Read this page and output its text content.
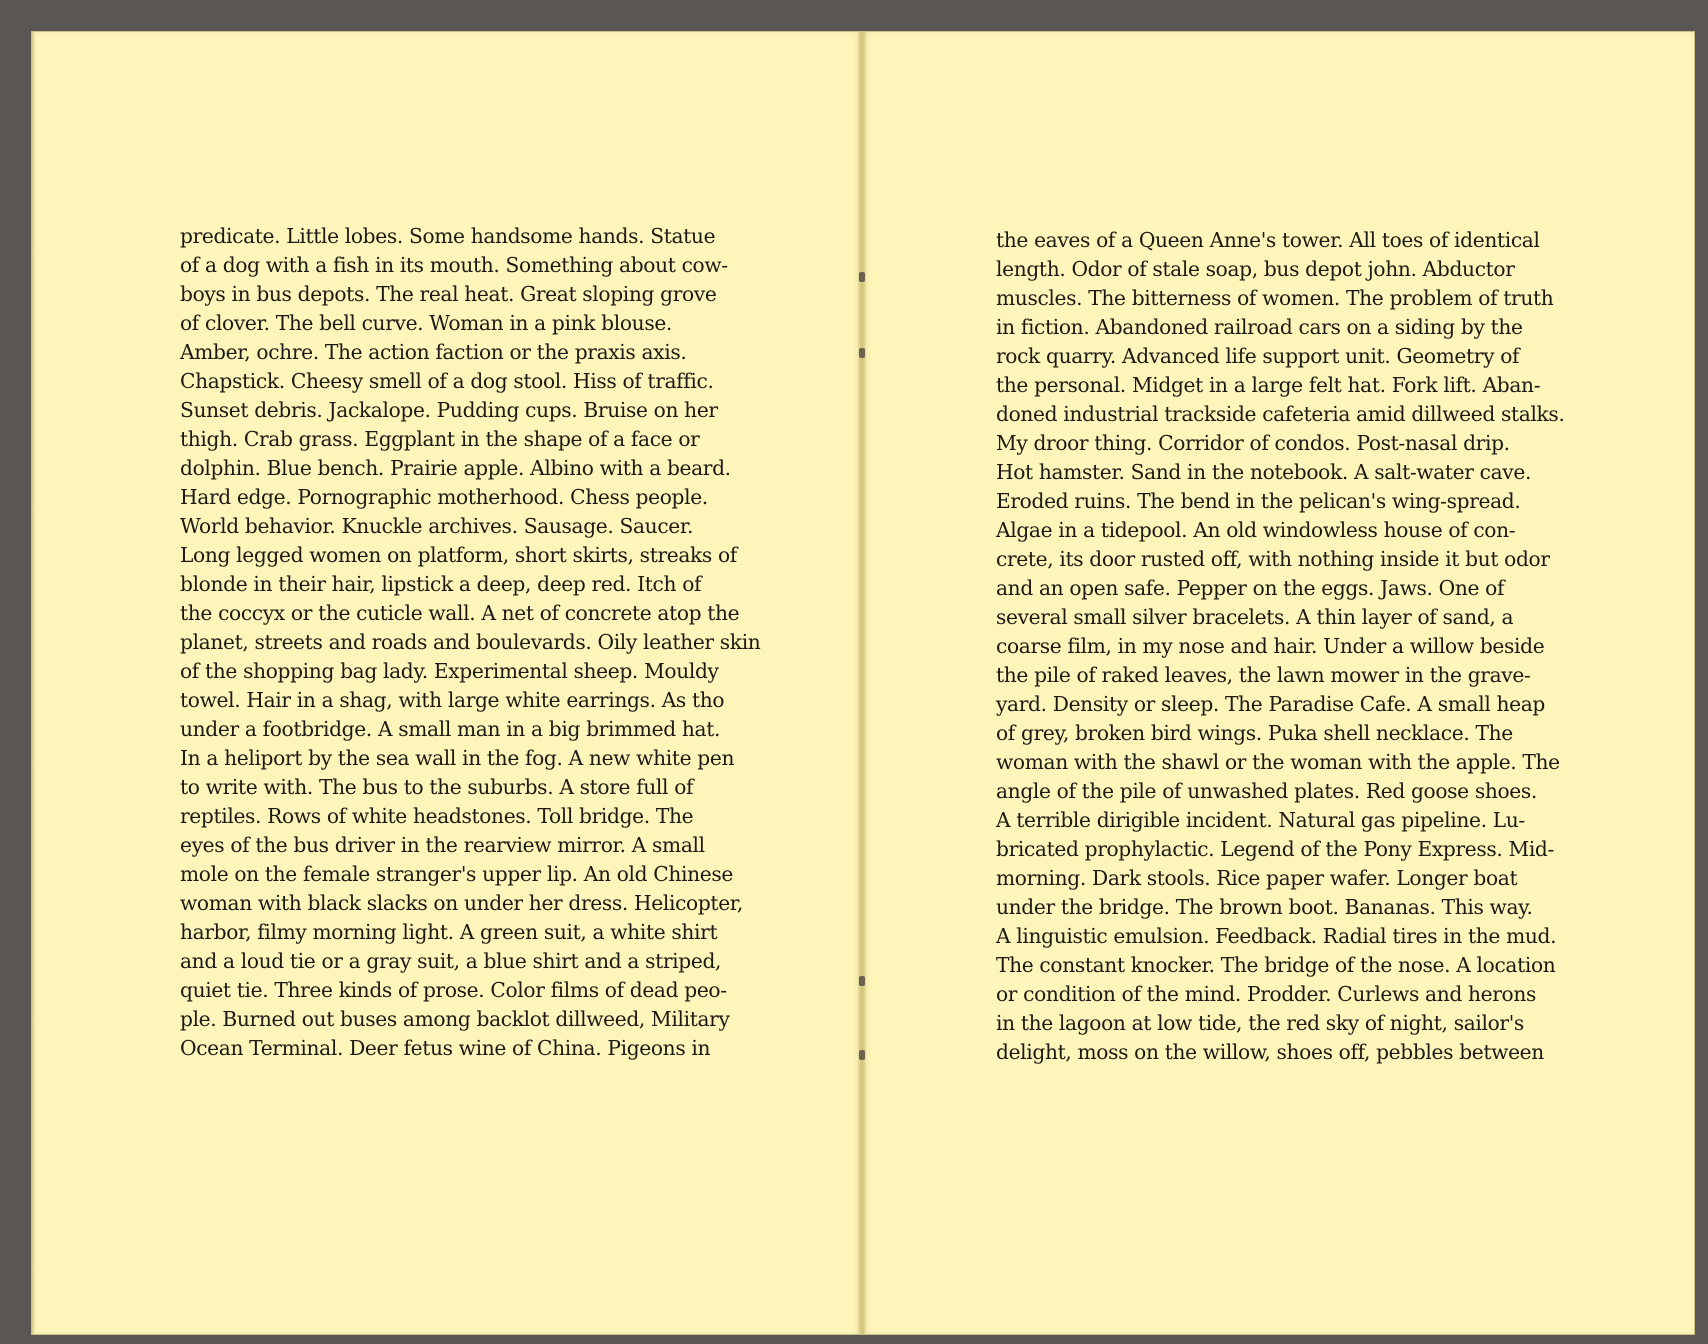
predicate. Little lobes. Some handsome hands. Statue
of a dog with a fish in its mouth. Something about cow-
boys in bus depots. The real heat. Great sloping grove
of clover. The bell curve. Woman in a pink blouse.
Amber, ochre. The action faction or the praxis axis.
Chapstick. Cheesy smell of a dog stool. Hiss of traffic.
Sunset debris. Jackalope. Pudding cups. Bruise on her
thigh. Crab grass. Eggplant in the shape of a face or
dolphin. Blue bench. Prairie apple. Albino with a beard.
Hard edge. Pornographic motherhood. Chess people.
World behavior. Knuckle archives. Sausage. Saucer.
Long legged women on platform, short skirts, streaks of
blonde in their hair, lipstick a deep, deep red. Itch of
the coccyx or the cuticle wall. A net of concrete atop the
planet, streets and roads and boulevards. Oily leather skin
of the shopping bag lady. Experimental sheep. Mouldy
towel. Hair in a shag, with large white earrings. As tho
under a footbridge. A small man in a big brimmed hat.
In a heliport by the sea wall in the fog. A new white pen
to write with. The bus to the suburbs. A store full of
reptiles. Rows of white headstones. Toll bridge. The
eyes of the bus driver in the rearview mirror. A small
mole on the female stranger's upper lip. An old Chinese
woman with black slacks on under her dress. Helicopter,
harbor, filmy morning light. A green suit, a white shirt
and a loud tie or a gray suit, a blue shirt and a striped,
quiet tie. Three kinds of prose. Color films of dead peo-
ple. Burned out buses among backlot dillweed, Military
Ocean Terminal. Deer fetus wine of China. Pigeons in
the eaves of a Queen Anne's tower. All toes of identical
length. Odor of stale soap, bus depot john. Abductor
muscles. The bitterness of women. The problem of truth
in fiction. Abandoned railroad cars on a siding by the
rock quarry. Advanced life support unit. Geometry of
the personal. Midget in a large felt hat. Fork lift. Aban-
doned industrial trackside cafeteria amid dillweed stalks.
My droor thing. Corridor of condos. Post-nasal drip.
Hot hamster. Sand in the notebook. A salt-water cave.
Eroded ruins. The bend in the pelican's wing-spread.
Algae in a tidepool. An old windowless house of con-
crete, its door rusted off, with nothing inside it but odor
and an open safe. Pepper on the eggs. Jaws. One of
several small silver bracelets. A thin layer of sand, a
coarse film, in my nose and hair. Under a willow beside
the pile of raked leaves, the lawn mower in the grave-
yard. Density or sleep. The Paradise Cafe. A small heap
of grey, broken bird wings. Puka shell necklace. The
woman with the shawl or the woman with the apple. The
angle of the pile of unwashed plates. Red goose shoes.
A terrible dirigible incident. Natural gas pipeline. Lu-
bricated prophylactic. Legend of the Pony Express. Mid-
morning. Dark stools. Rice paper wafer. Longer boat
under the bridge. The brown boot. Bananas. This way.
A linguistic emulsion. Feedback. Radial tires in the mud.
The constant knocker. The bridge of the nose. A location
or condition of the mind. Prodder. Curlews and herons
in the lagoon at low tide, the red sky of night, sailor's
delight, moss on the willow, shoes off, pebbles between
